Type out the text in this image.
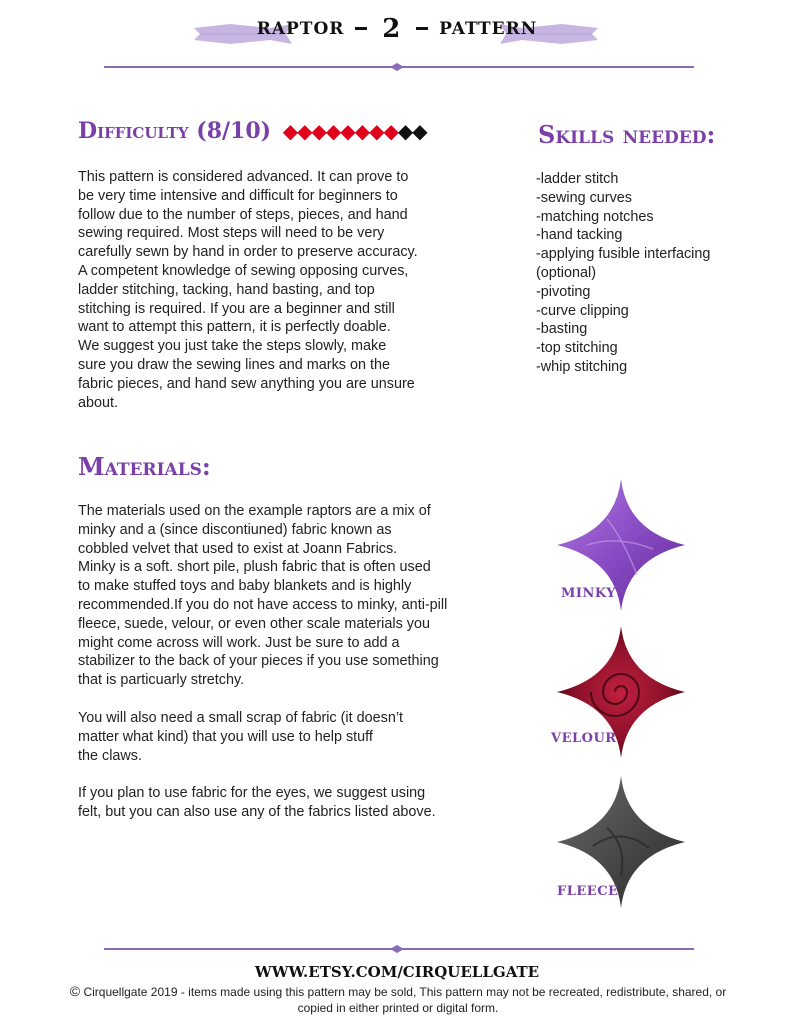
RAPTOR 2 PATTERN
Difficulty (8/10) ◆◆◆◆◆◆◆◆◆◆
This pattern is considered advanced. It can prove to
be very time intensive and difficult for beginners to
follow due to the number of steps, pieces, and hand
sewing required. Most steps will need to be very
carefully sewn by hand in order to preserve accuracy.
A competent knowledge of sewing opposing curves,
ladder stitching, tacking, hand basting, and top
stitching is required. If you are a beginner and still
want to attempt this pattern, it is perfectly doable.
We suggest you just take the steps slowly, make
sure you draw the sewing lines and marks on the
fabric pieces, and hand sew anything you are unsure
about.
Skills needed:
-ladder stitch
-sewing curves
-matching notches
-hand tacking
-applying fusible interfacing
(optional)
-pivoting
-curve clipping
-basting
-top stitching
-whip stitching
Materials:
The materials used on the example raptors are a mix of
minky and a (since discontiuned) fabric known as
cobbled velvet that used to exist at Joann Fabrics.
Minky is a soft. short pile, plush fabric that is often used
to make stuffed toys and baby blankets and is highly
recommended.If you do not have access to minky, anti-pill
fleece, suede, velour, or even other scale materials you
might come across will work. Just be sure to add a
stabilizer to the back of your pieces if you use something
that is particuarly stretchy.
You will also need a small scrap of fabric (it doesn’t
matter what kind) that you will use to help stuff
the claws.
If you plan to use fabric for the eyes, we suggest using
felt, but you can also use any of the fabrics listed above.
MINKY
VELOUR
FLEECE
WWW.ETSY.COM/CIRQUELLGATE
© Cirquellgate 2019 - items made using this pattern may be sold, This pattern may not be recreated, redistribute, shared, or copied in either printed or digital form.
